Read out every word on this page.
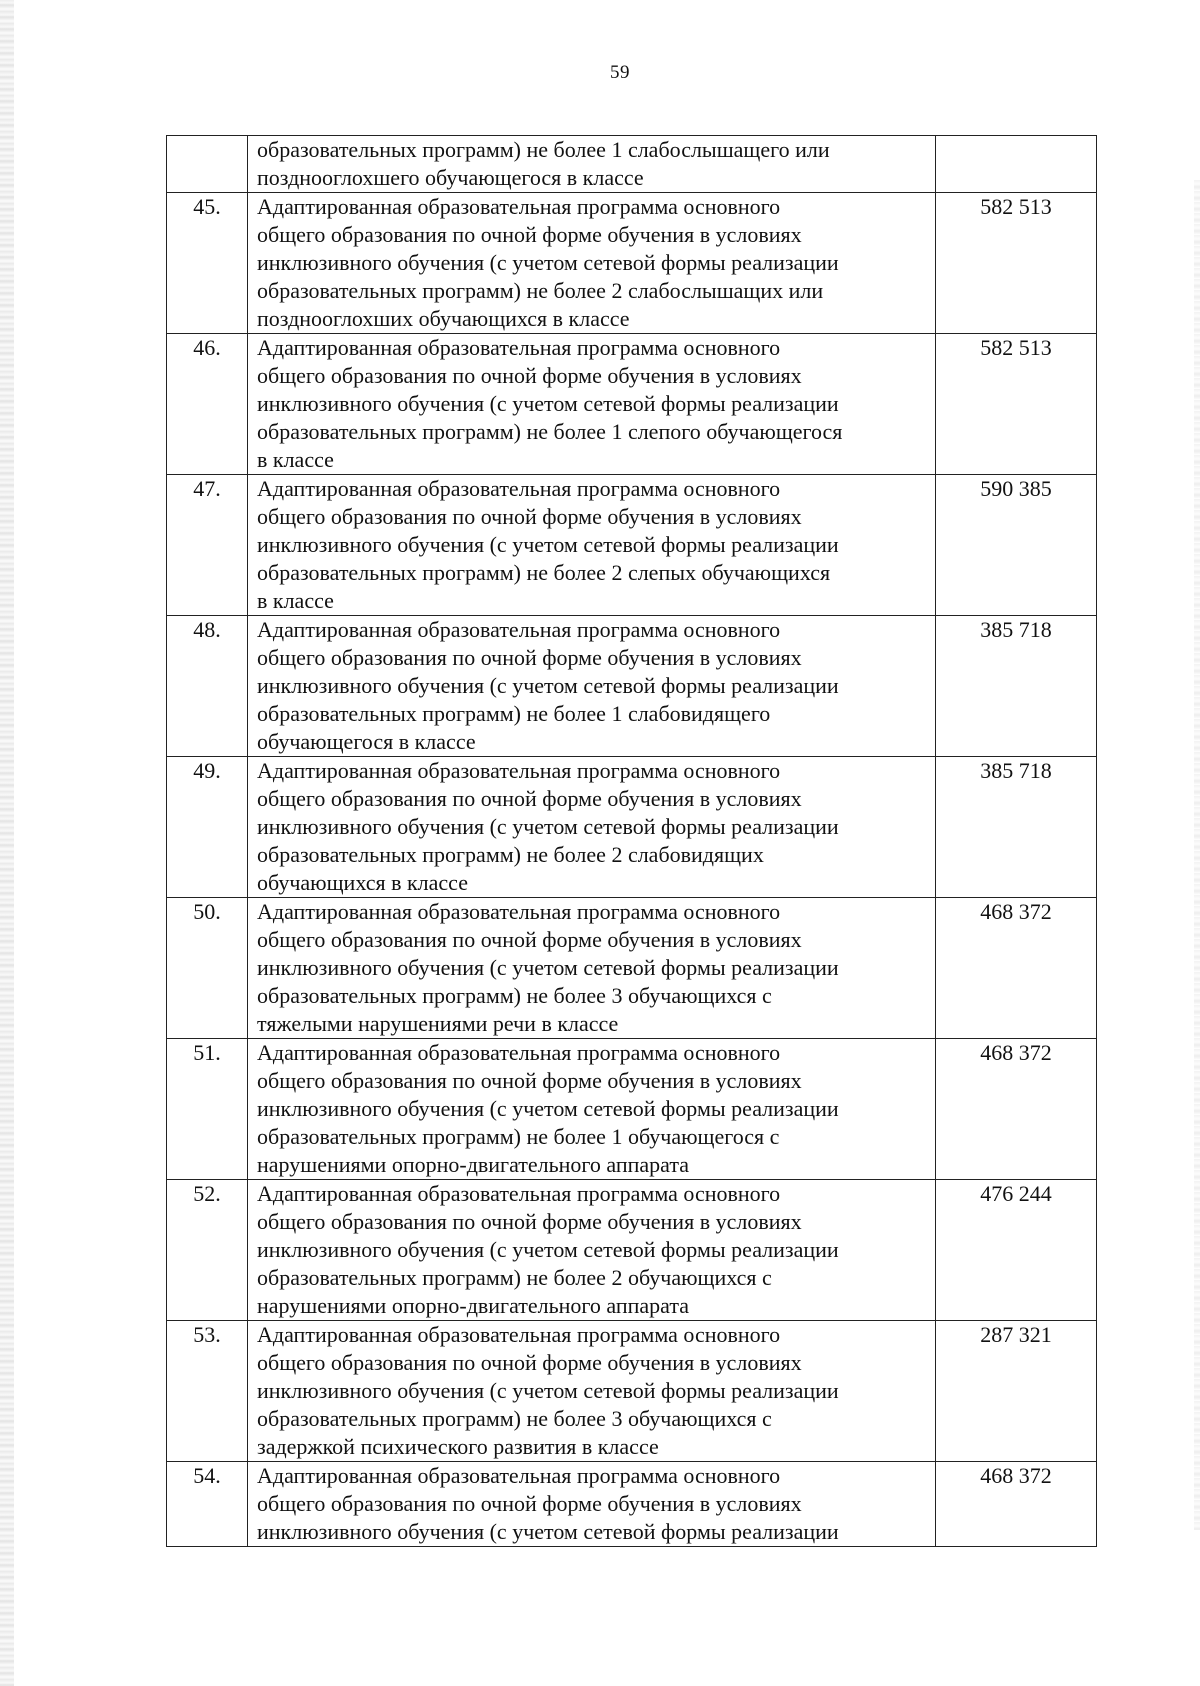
59

	образовательных программ) не более 1 слабослышащего или
позднооглохшего обучающегося в классе	

45.	Адаптированная образовательная программа основного
общего образования по очной форме обучения в условиях
инклюзивного обучения (с учетом сетевой формы реализации
образовательных программ) не более 2 слабослышащих или
позднооглохших обучающихся в классе	582 513
46.	Адаптированная образовательная программа основного
общего образования по очной форме обучения в условиях
инклюзивного обучения (с учетом сетевой формы реализации
образовательных программ) не более 1 слепого обучающегося
в классе	582 513
47.	Адаптированная образовательная программа основного
общего образования по очной форме обучения в условиях
инклюзивного обучения (с учетом сетевой формы реализации
образовательных программ) не более 2 слепых обучающихся
в классе	590 385
48.	Адаптированная образовательная программа основного
общего образования по очной форме обучения в условиях
инклюзивного обучения (с учетом сетевой формы реализации
образовательных программ) не более 1 слабовидящего
обучающегося в классе	385 718
49.	Адаптированная образовательная программа основного
общего образования по очной форме обучения в условиях
инклюзивного обучения (с учетом сетевой формы реализации
образовательных программ) не более 2 слабовидящих
обучающихся в классе	385 718
50.	Адаптированная образовательная программа основного
общего образования по очной форме обучения в условиях
инклюзивного обучения (с учетом сетевой формы реализации
образовательных программ) не более 3 обучающихся с
тяжелыми нарушениями речи в классе	468 372
51.	Адаптированная образовательная программа основного
общего образования по очной форме обучения в условиях
инклюзивного обучения (с учетом сетевой формы реализации
образовательных программ) не более 1 обучающегося с
нарушениями опорно-двигательного аппарата	468 372
52.	Адаптированная образовательная программа основного
общего образования по очной форме обучения в условиях
инклюзивного обучения (с учетом сетевой формы реализации
образовательных программ) не более 2 обучающихся с
нарушениями опорно-двигательного аппарата	476 244
53.	Адаптированная образовательная программа основного
общего образования по очной форме обучения в условиях
инклюзивного обучения (с учетом сетевой формы реализации
образовательных программ) не более 3 обучающихся с
задержкой психического развития в классе	287 321
54.	Адаптированная образовательная программа основного
общего образования по очной форме обучения в условиях
инклюзивного обучения (с учетом сетевой формы реализации	468 372
